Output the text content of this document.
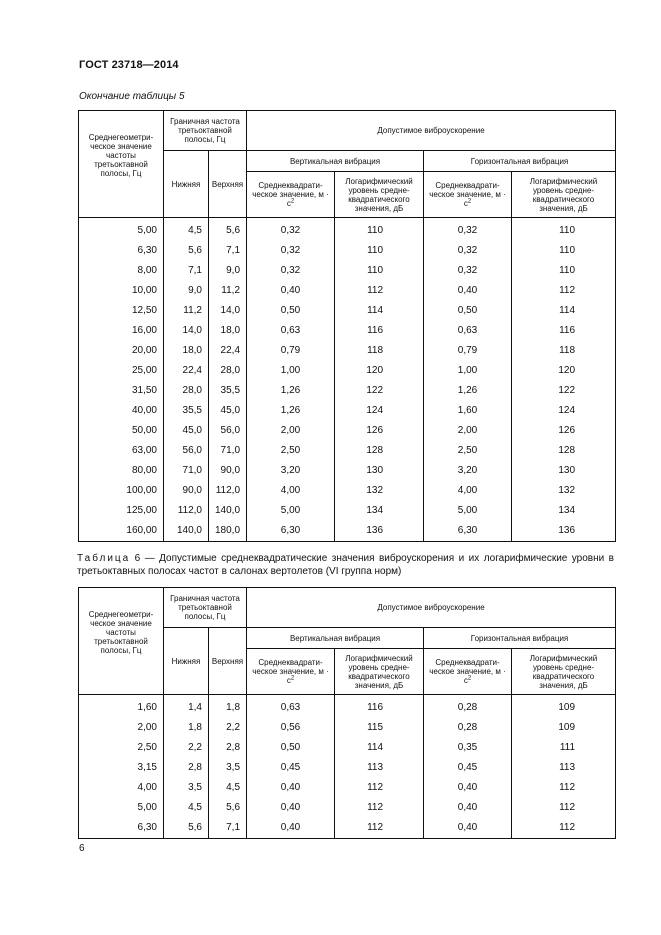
ГОСТ 23718—2014
Окончание таблицы 5
Среднегеометри-ческое значение частоты третьоктавной полосы, Гц	Граничная частота третьоктавной полосы, Гц		Допустимое виброускорение			
	Нижняя	Верхняя	Вертикальная вибрация		Горизонтальная вибрация	
			Среднеквадрати-ческое значение, $м \cdot с^2$	Логарифмический уровень средне-квадратического значения, дБ	Среднеквадрати-ческое значение, $м \cdot с^2$	Логарифмический уровень средне-квадратического значения, дБ
5,00	4,5	5,6	0,32	110	0,32	110
6,30	5,6	7,1	0,32	110	0,32	110
8,00	7,1	9,0	0,32	110	0,32	110
10,00	9,0	11,2	0,40	112	0,40	112
12,50	11,2	14,0	0,50	114	0,50	114
16,00	14,0	18,0	0,63	116	0,63	116
20,00	18,0	22,4	0,79	118	0,79	118
25,00	22,4	28,0	1,00	120	1,00	120
31,50	28,0	35,5	1,26	122	1,26	122
40,00	35,5	45,0	1,26	124	1,60	124
50,00	45,0	56,0	2,00	126	2,00	126
63,00	56,0	71,0	2,50	128	2,50	128
80,00	71,0	90,0	3,20	130	3,20	130
100,00	90,0	112,0	4,00	132	4,00	132
125,00	112,0	140,0	5,00	134	5,00	134
160,00	140,0	180,0	6,30	136	6,30	136
Таблица 6 — Допустимые среднеквадратические значения виброускорения и их логарифмические уровни в третьоктавных полосах частот в салонах вертолетов (VI группа норм)
Среднегеометри-ческое значение частоты третьоктавной полосы, Гц	Граничная частота третьоктавной полосы, Гц		Допустимое виброускорение			
	Нижняя	Верхняя	Вертикальная вибрация		Горизонтальная вибрация	
			Среднеквадрати-ческое значение, $м \cdot с^2$	Логарифмический уровень средне-квадратического значения, дБ	Среднеквадрати-ческое значение, $м \cdot с^2$	Логарифмический уровень средне-квадратического значения, дБ
1,60	1,4	1,8	0,63	116	0,28	109
2,00	1,8	2,2	0,56	115	0,28	109
2,50	2,2	2,8	0,50	114	0,35	111
3,15	2,8	3,5	0,45	113	0,45	113
4,00	3,5	4,5	0,40	112	0,40	112
5,00	4,5	5,6	0,40	112	0,40	112
6,30	5,6	7,1	0,40	112	0,40	112
6
